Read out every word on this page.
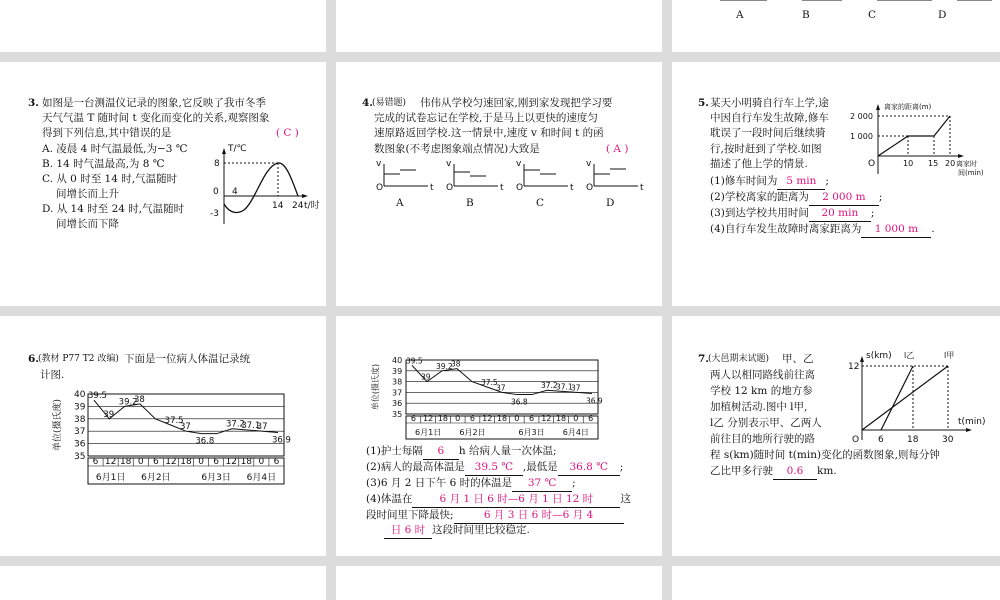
A	B	C	D
3. 如图是一台测温仪记录的图象,它反映了我市冬季
天气气温 T 随时间 t 变化而变化的关系,观察图象
得到下列信息,其中错误的是	( C )
A. 凌晨 4 时气温最低,为−3 ℃
B. 14 时气温最高,为 8 ℃
C. 从 0 时至 14 时,气温随时
间增长而上升
D. 从 14 时至 24 时,气温随时
间增长而下降
T/℃
8
0
-3
4
14 24 t/时
4. (易错题) 伟伟从学校匀速回家,刚到家发现把学习要
完成的试卷忘记在学校,于是马上以更快的速度匀
速原路返回学校.这一情景中,速度 v 和时间 t 的函
数图象(不考虑图象端点情况)大致是	( A )
v	v	v	v
O	O	O	O
t	t	t	t
A	B	C	D
5. 某天小明骑自行车上学,途
中因自行车发生故障,修车
耽误了一段时间后继续骑
行,按时赶到了学校.如图
描述了他上学的情景.
离家的距离(m)
2 000
1 000
O	10 15 20 离家时
间(min)
(1)修车时间为 5 min ;
(2)学校离家的距离为 2 000 m ;
(3)到达学校共用时间 20 min ;
(4)自行车发生故障时离家距离为 1 000 m .
6. (教材 P77 T2 改编) 下面是一位病人体温记录统
计图.
40
39
38
37
36
35
单位(摄氏度)
39.5
39
39.2
38
37.5
37
36.8
37.2
37.1
37
36.9
6 12 18 0 6 12 18 0 6 12 18 0 6
6月1日 6月2日	6月3日 6月4日
40
39
38
37
36
35
单位(摄氏度)
39.5
39
39.2
38
37.5
37
36.8
37.2
37.1
37
36.9
6 12 18 0 6 12 18 0 6 12 18 0 6
6月1日 6月2日	6月3日 6月4日
(1)护士每隔 6 h 给病人量一次体温;
(2)病人的最高体温是 39.5 ℃ ,最低是 36.8 ℃ ;
(3)6 月 2 日下午 6 时的体温是 37 ℃ ;
(4)体温在	6 月 1 日 6 时—6 月 1 日 12 时	这
段时间里下降最快;	6 月 3 日 6 时—6 月 4
日 6 时 这段时间里比较稳定.
7. (大邑期末试题) 甲、乙
两人以相同路线前往离
学校 12 km 的地方参
加植树活动.图中 l甲,
l乙 分别表示甲、乙两人
前往目的地所行驶的路
程 s(km)随时间 t(min)变化的函数图象,则每分钟
乙比甲多行驶 0.6 km.
s(km) l乙	l甲
12
O 6	18	30
t(min)
